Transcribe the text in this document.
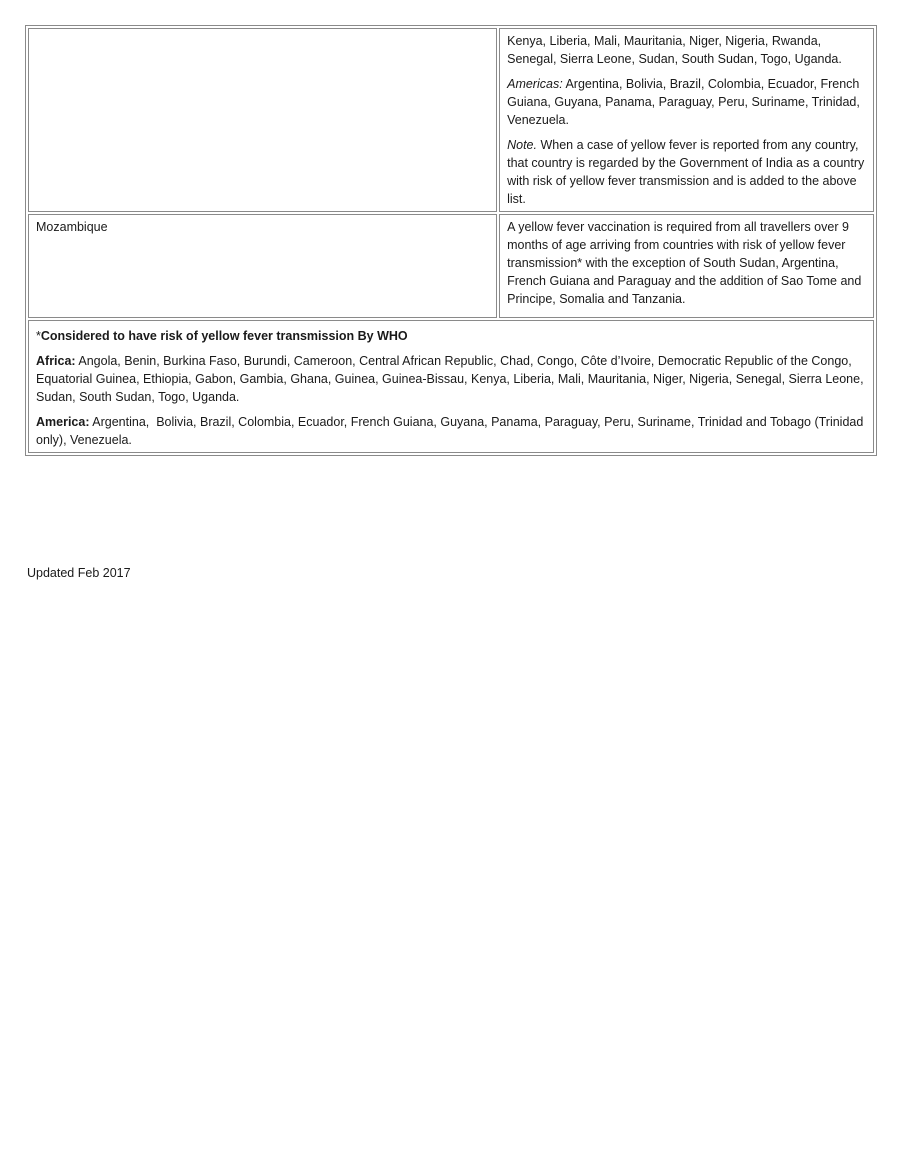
	Kenya, Liberia, Mali, Mauritania, Niger, Nigeria, Rwanda, Senegal, Sierra Leone, Sudan, South Sudan, Togo, Uganda.

Americas: Argentina, Bolivia, Brazil, Colombia, Ecuador, French Guiana, Guyana, Panama, Paraguay, Peru, Suriname, Trinidad, Venezuela.

Note. When a case of yellow fever is reported from any country, that country is regarded by the Government of India as a country with risk of yellow fever transmission and is added to the above list.

Mozambique	A yellow fever vaccination is required from all travellers over 9 months of age arriving from countries with risk of yellow fever transmission* with the exception of South Sudan, Argentina, French Guiana and Paraguay and the addition of Sao Tome and Principe, Somalia and Tanzania.

*Considered to have risk of yellow fever transmission By WHO

Africa: Angola, Benin, Burkina Faso, Burundi, Cameroon, Central African Republic, Chad, Congo, Côte d’Ivoire, Democratic Republic of the Congo, Equatorial Guinea, Ethiopia, Gabon, Gambia, Ghana, Guinea, Guinea-Bissau, Kenya, Liberia, Mali, Mauritania, Niger, Nigeria, Senegal, Sierra Leone, Sudan, South Sudan, Togo, Uganda.

America: Argentina,  Bolivia, Brazil, Colombia, Ecuador, French Guiana, Guyana, Panama, Paraguay, Peru, Suriname, Trinidad and Tobago (Trinidad only), Venezuela.	

Updated Feb 2017
